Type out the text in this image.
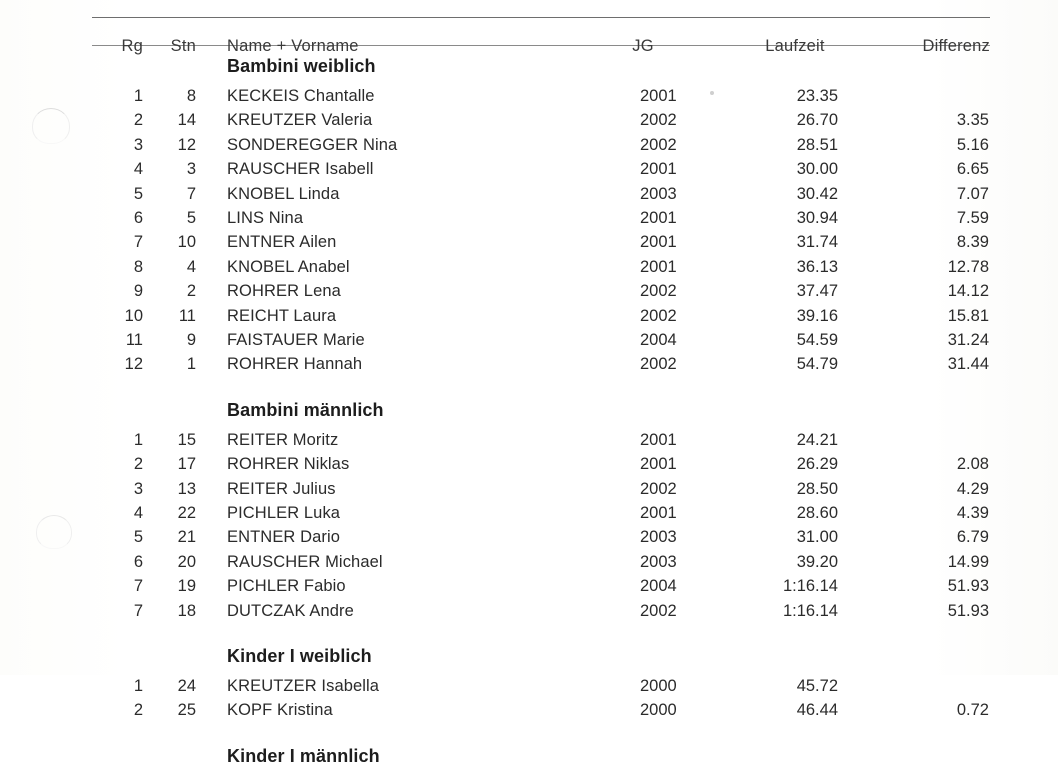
Rg	Stn Name + Vorname	JG	Laufzeit	Differenz
Bambini weiblich
1	8 KECKEIS Chantalle	2001	23.35
2	14 KREUTZER Valeria	2002	26.70	3.35
3	12 SONDEREGGER Nina	2002	28.51	5.16
4	3 RAUSCHER Isabell	2001	30.00	6.65
5	7 KNOBEL Linda	2003	30.42	7.07
6	5 LINS Nina	2001	30.94	7.59
7	10 ENTNER Ailen	2001	31.74	8.39
8	4 KNOBEL Anabel	2001	36.13	12.78
9	2 ROHRER Lena	2002	37.47	14.12
10	11 REICHT Laura	2002	39.16	15.81
11	9 FAISTAUER Marie	2004	54.59	31.24
12	1 ROHRER Hannah	2002	54.79	31.44
Bambini männlich
1	15 REITER Moritz	2001	24.21
2	17 ROHRER Niklas	2001	26.29	2.08
3	13 REITER Julius	2002	28.50	4.29
4	22 PICHLER Luka	2001	28.60	4.39
5	21 ENTNER Dario	2003	31.00	6.79
6	20 RAUSCHER Michael	2003	39.20	14.99
7	19 PICHLER Fabio	2004	1:16.14	51.93
7	18 DUTCZAK Andre	2002	1:16.14	51.93
Kinder I weiblich
1	24 KREUTZER Isabella	2000	45.72
2	25 KOPF Kristina	2000	46.44	0.72
Kinder I männlich
